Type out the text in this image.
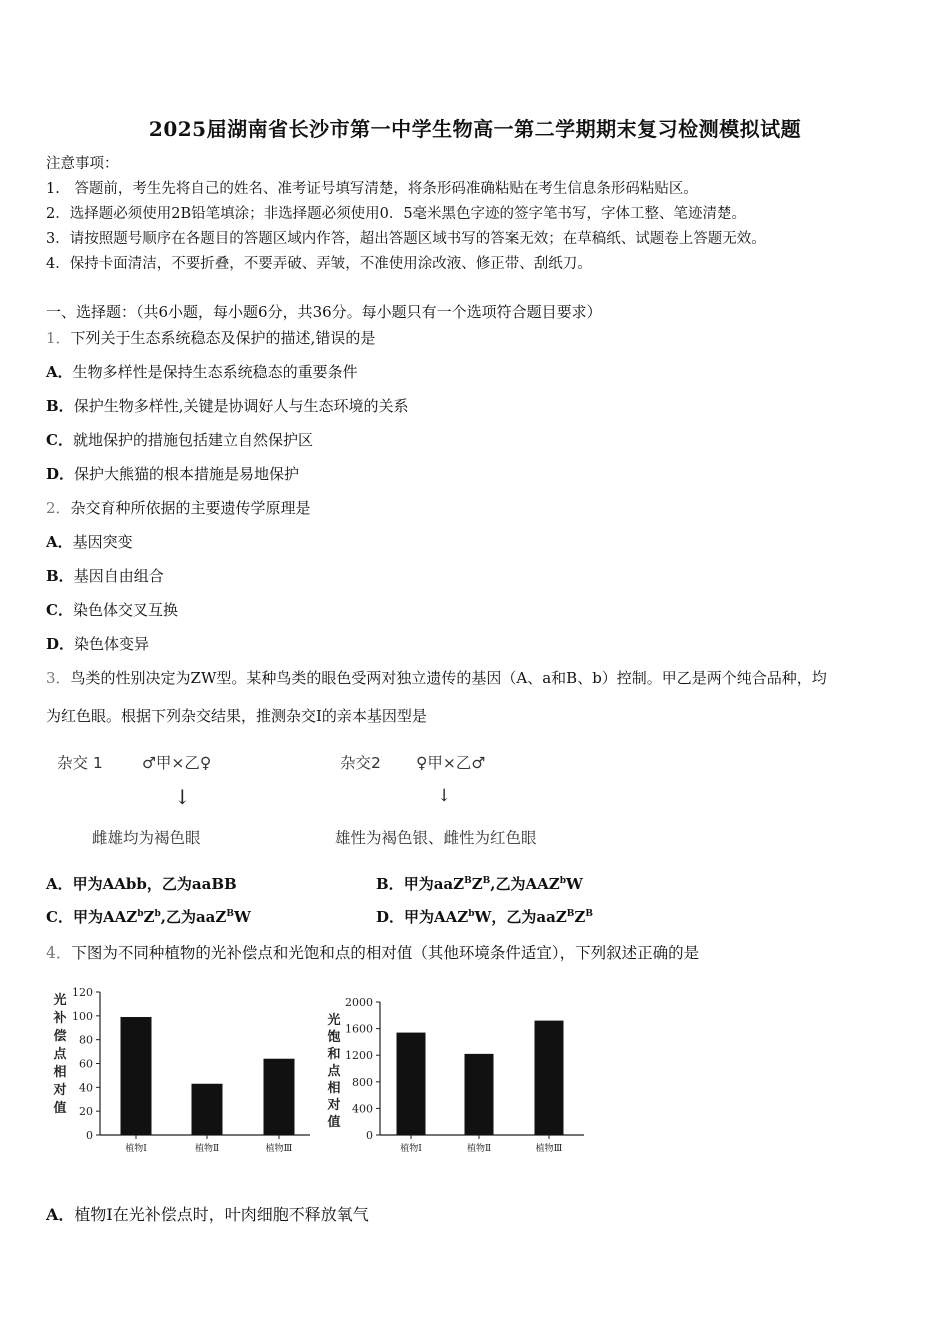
2025届湖南省长沙市第一中学生物高一第二学期期末复习检测模拟试题
注意事项：
1.　答题前，考生先将自己的姓名、准考证号填写清楚，将条形码准确粘贴在考生信息条形码粘贴区。
2．选择题必须使用2B铅笔填涂；非选择题必须使用0．5毫米黑色字迹的签字笔书写，字体工整、笔迹清楚。
3．请按照题号顺序在各题目的答题区域内作答，超出答题区域书写的答案无效；在草稿纸、试题卷上答题无效。
4．保持卡面清洁，不要折叠，不要弄破、弄皱，不准使用涂改液、修正带、刮纸刀。
一、选择题：（共6小题，每小题6分，共36分。每小题只有一个选项符合题目要求）
1．下列关于生态系统稳态及保护的描述,错误的是
A．生物多样性是保持生态系统稳态的重要条件
B．保护生物多样性,关键是协调好人与生态环境的关系
C．就地保护的措施包括建立自然保护区
D．保护大熊猫的根本措施是易地保护
2．杂交育种所依据的主要遗传学原理是
A．基因突变
B．基因自由组合
C．染色体交叉互换
D．染色体变异
3．鸟类的性别决定为ZW型。某种鸟类的眼色受两对独立遗传的基因（A、a和B、b）控制。甲乙是两个纯合品种，均
为红色眼。根据下列杂交结果，推测杂交Ⅰ的亲本基因型是
杂交 1	♂甲×乙♀
↓
雌雄均为褐色眼
杂交2 ♀甲×乙♂
↓
雄性为褐色银、雌性为红色眼
A．甲为AAbb，乙为aaBB	B．甲为$aaZ^BZ^B$,乙为AAZ$^b$W
C．甲为$AAZ^bZ^b$,乙为aaZ$^B$W	D．甲为AAZ$^b$W，乙为$aaZ^BZ^B$
4．下图为不同种植物的光补偿点和光饱和点的相对值（其他环境条件适宜），下列叙述正确的是
0
20
40
60
80
100
120
光
补
偿
点
相
对
值
植物Ⅰ	植物Ⅱ	植物Ⅲ
0
400
800
1200
1600
2000
光
饱
和
点
相
对
值
植物Ⅰ	植物Ⅱ	植物Ⅲ
A．植物Ⅰ在光补偿点时，叶肉细胞不释放氧气
